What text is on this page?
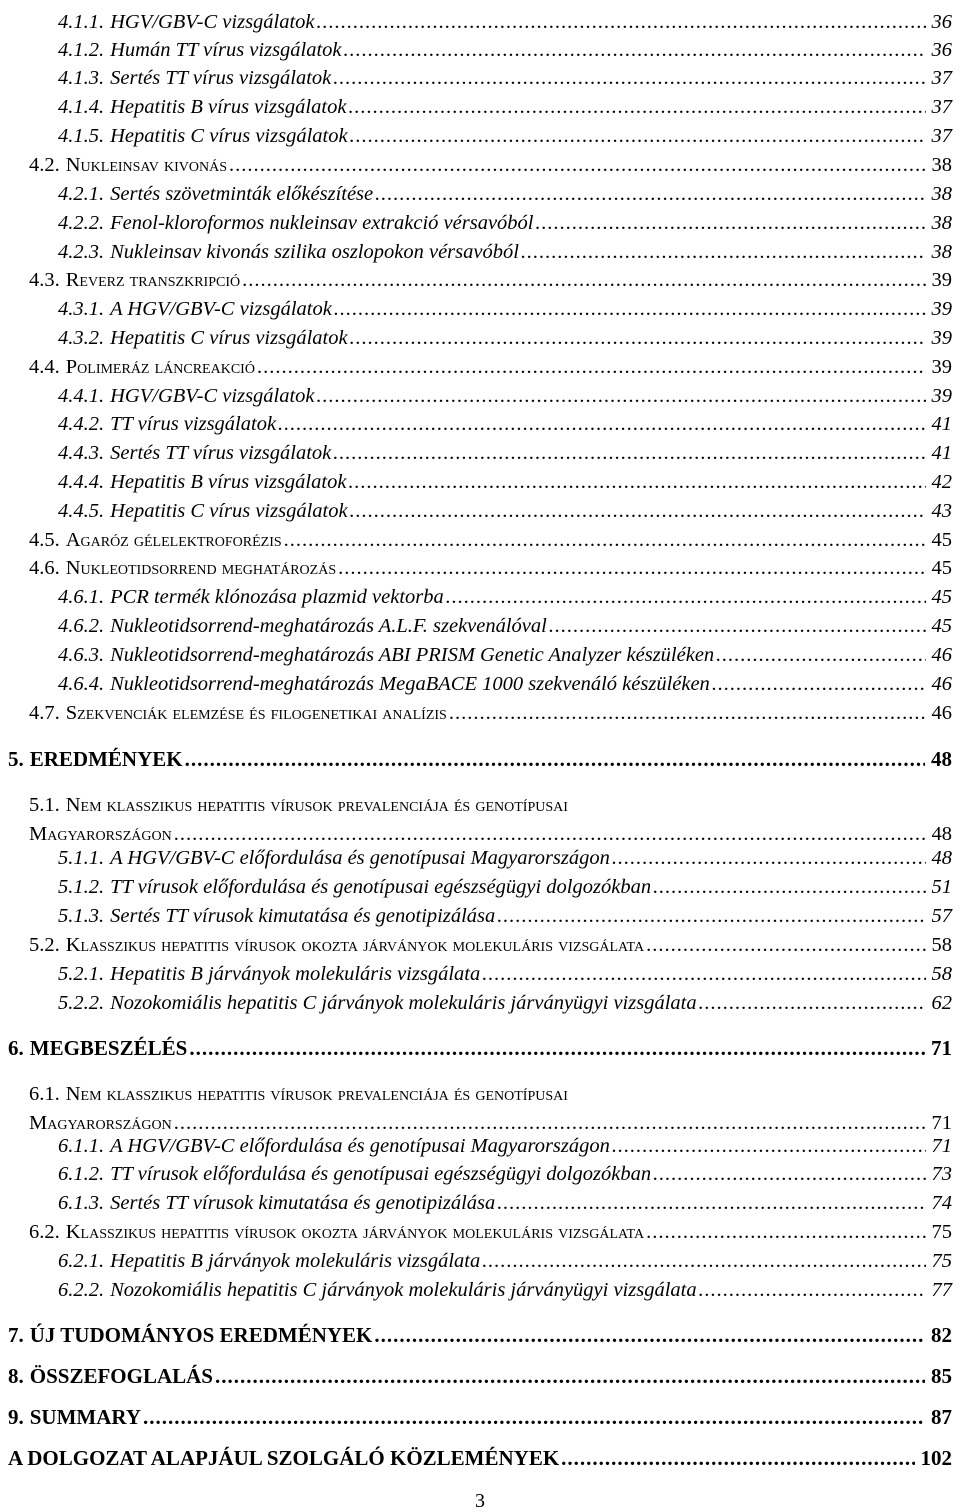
4.1.1. HGV/GBV-C vizsgálatok .....	36
4.1.2. Humán TT vírus vizsgálatok .....	36
4.1.3. Sertés TT vírus vizsgálatok .....	37
4.1.4. Hepatitis B vírus vizsgálatok .....	37
4.1.5. Hepatitis C vírus vizsgálatok .....	37
4.2. Nukleinsav kivonás .....	38
4.2.1. Sertés szövetminták előkészítése .....	38
4.2.2. Fenol-kloroformos nukleinsav extrakció vérsavóból .....	38
4.2.3. Nukleinsav kivonás szilika oszlopokon vérsavóból .....	38
4.3. Reverz transzkripció .....	39
4.3.1. A HGV/GBV-C vizsgálatok .....	39
4.3.2. Hepatitis C vírus vizsgálatok .....	39
4.4. Polimeráz láncreakció .....	39
4.4.1. HGV/GBV-C vizsgálatok .....	39
4.4.2. TT vírus vizsgálatok .....	41
4.4.3. Sertés TT vírus vizsgálatok .....	41
4.4.4. Hepatitis B vírus vizsgálatok .....	42
4.4.5. Hepatitis C vírus vizsgálatok .....	43
4.5. Agaróz gélelektroforézis .....	45
4.6. Nukleotidsorrend meghatározás .....	45
4.6.1. PCR termék klónozása plazmid vektorba .....	45
4.6.2. Nukleotidsorrend-meghatározás A.L.F. szekvenálóval .....	45
4.6.3. Nukleotidsorrend-meghatározás ABI PRISM Genetic Analyzer készüléken .....	46
4.6.4. Nukleotidsorrend-meghatározás MegaBACE 1000 szekvenáló készüléken .....	46
4.7. Szekvenciák elemzése és filogenetikai analízis .....	46
5. EREDMÉNYEK .....	48
5.1. Nem klasszikus hepatitis vírusok prevalenciája és genotípusai
Magyarországon .....	48
5.1.1. A HGV/GBV-C előfordulása és genotípusai Magyarországon .....	48
5.1.2. TT vírusok előfordulása és genotípusai egészségügyi dolgozókban .....	51
5.1.3. Sertés TT vírusok kimutatása és genotipizálása .....	57
5.2. Klasszikus hepatitis vírusok okozta járványok molekuláris vizsgálata .....	58
5.2.1. Hepatitis B járványok molekuláris vizsgálata .....	58
5.2.2. Nozokomiális hepatitis C járványok molekuláris járványügyi vizsgálata .....	62
6. MEGBESZÉLÉS .....	71
6.1. Nem klasszikus hepatitis vírusok prevalenciája és genotípusai
Magyarországon .....	71
6.1.1. A HGV/GBV-C előfordulása és genotípusai Magyarországon .....	71
6.1.2. TT vírusok előfordulása és genotípusai egészségügyi dolgozókban .....	73
6.1.3. Sertés TT vírusok kimutatása és genotipizálása .....	74
6.2. Klasszikus hepatitis vírusok okozta járványok molekuláris vizsgálata .....	75
6.2.1. Hepatitis B járványok molekuláris vizsgálata .....	75
6.2.2. Nozokomiális hepatitis C járványok molekuláris járványügyi vizsgálata .....	77
7. ÚJ TUDOMÁNYOS EREDMÉNYEK .....	82
8. ÖSSZEFOGLALÁS .....	85
9. SUMMARY .....	87
A DOLGOZAT ALAPJÁUL SZOLGÁLÓ KÖZLEMÉNYEK .....	102
3
